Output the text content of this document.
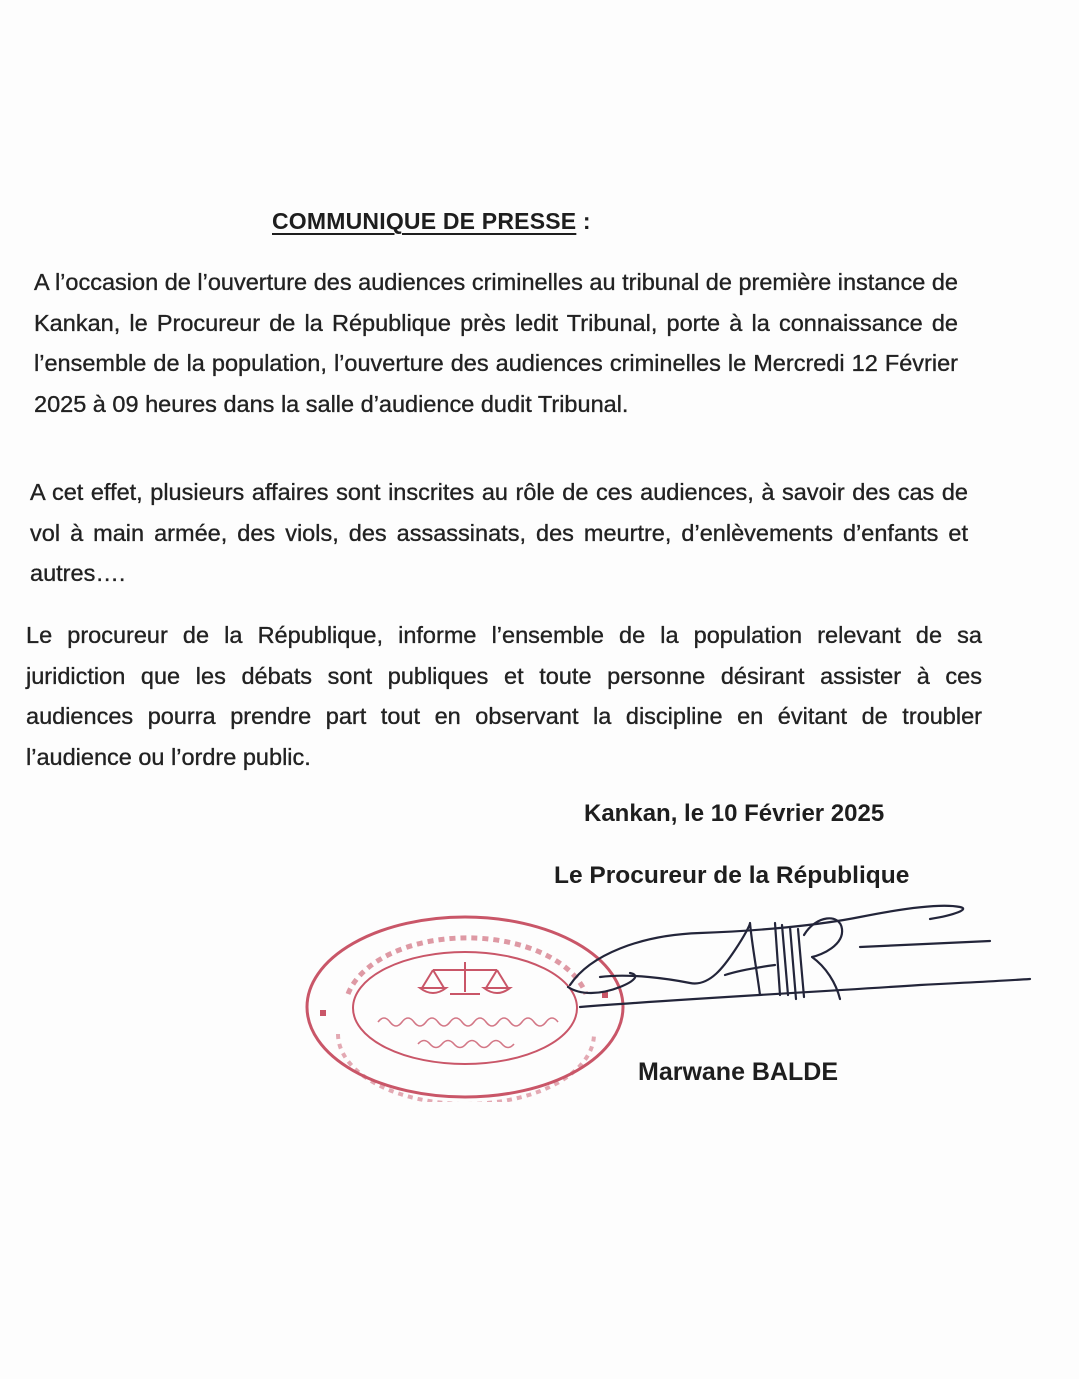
COMMUNIQUE DE PRESSE :
A l’occasion de l’ouverture des audiences criminelles au tribunal de première instance de Kankan, le Procureur de la République près ledit Tribunal, porte à la connaissance de l’ensemble de la population, l’ouverture des audiences criminelles le Mercredi 12 Février 2025 à 09 heures dans la salle d’audience dudit Tribunal.
A cet effet, plusieurs affaires sont inscrites au rôle de ces audiences, à savoir des cas de vol à main armée, des viols, des assassinats, des meurtre, d’enlèvements d’enfants et autres….
Le procureur de la République, informe l’ensemble de la population relevant de sa juridiction que les débats sont publiques et toute personne désirant assister à ces audiences pourra prendre part tout en observant la discipline en évitant de troubler l’audience ou l’ordre public.
Kankan, le 10 Février 2025
Le Procureur de la République
Marwane BALDE
